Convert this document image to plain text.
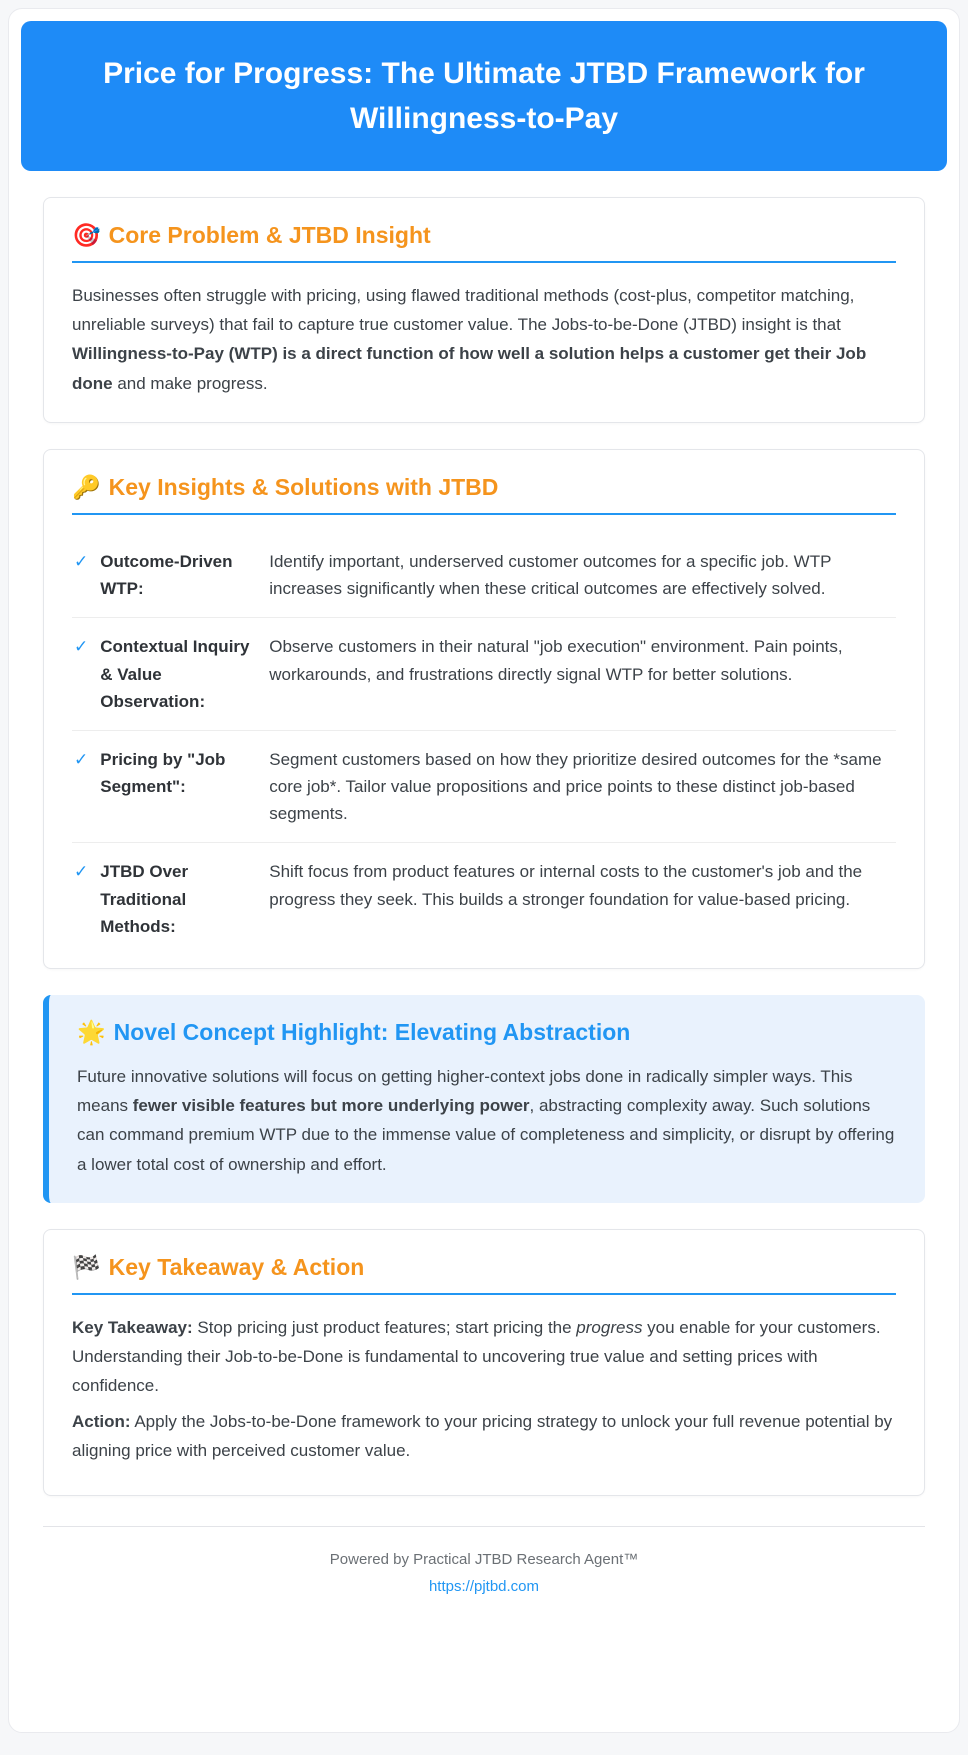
Price for Progress: The Ultimate JTBD Framework for Willingness-to-Pay
🎯 Core Problem & JTBD Insight

Businesses often struggle with pricing, using flawed traditional methods (cost-plus, competitor matching, unreliable surveys) that fail to capture true customer value. The Jobs-to-be-Done (JTBD) insight is that Willingness-to-Pay (WTP) is a direct function of how well a solution helps a customer get their Job done and make progress.

🔑 Key Insights & Solutions with JTBD
✓ Outcome-Driven WTP:
Identify important, underserved customer outcomes for a specific job. WTP increases significantly when these critical outcomes are effectively solved.
✓ Contextual Inquiry & Value Observation:
Observe customers in their natural "job execution" environment. Pain points, workarounds, and frustrations directly signal WTP for better solutions.
✓ Pricing by "Job Segment":
Segment customers based on how they prioritize desired outcomes for the *same core job*. Tailor value propositions and price points to these distinct job-based segments.
✓ JTBD Over Traditional Methods:
Shift focus from product features or internal costs to the customer's job and the progress they seek. This builds a stronger foundation for value-based pricing.
🌟 Novel Concept Highlight: Elevating Abstraction

Future innovative solutions will focus on getting higher-context jobs done in radically simpler ways. This means fewer visible features but more underlying power, abstracting complexity away. Such solutions can command premium WTP due to the immense value of completeness and simplicity, or disrupt by offering a lower total cost of ownership and effort.

🏁 Key Takeaway & Action

Key Takeaway: Stop pricing just product features; start pricing the progress you enable for your customers. Understanding their Job-to-be-Done is fundamental to uncovering true value and setting prices with confidence.

Action: Apply the Jobs-to-be-Done framework to your pricing strategy to unlock your full revenue potential by aligning price with perceived customer value.

Powered by Practical JTBD Research Agent™
https://pjtbd.com
